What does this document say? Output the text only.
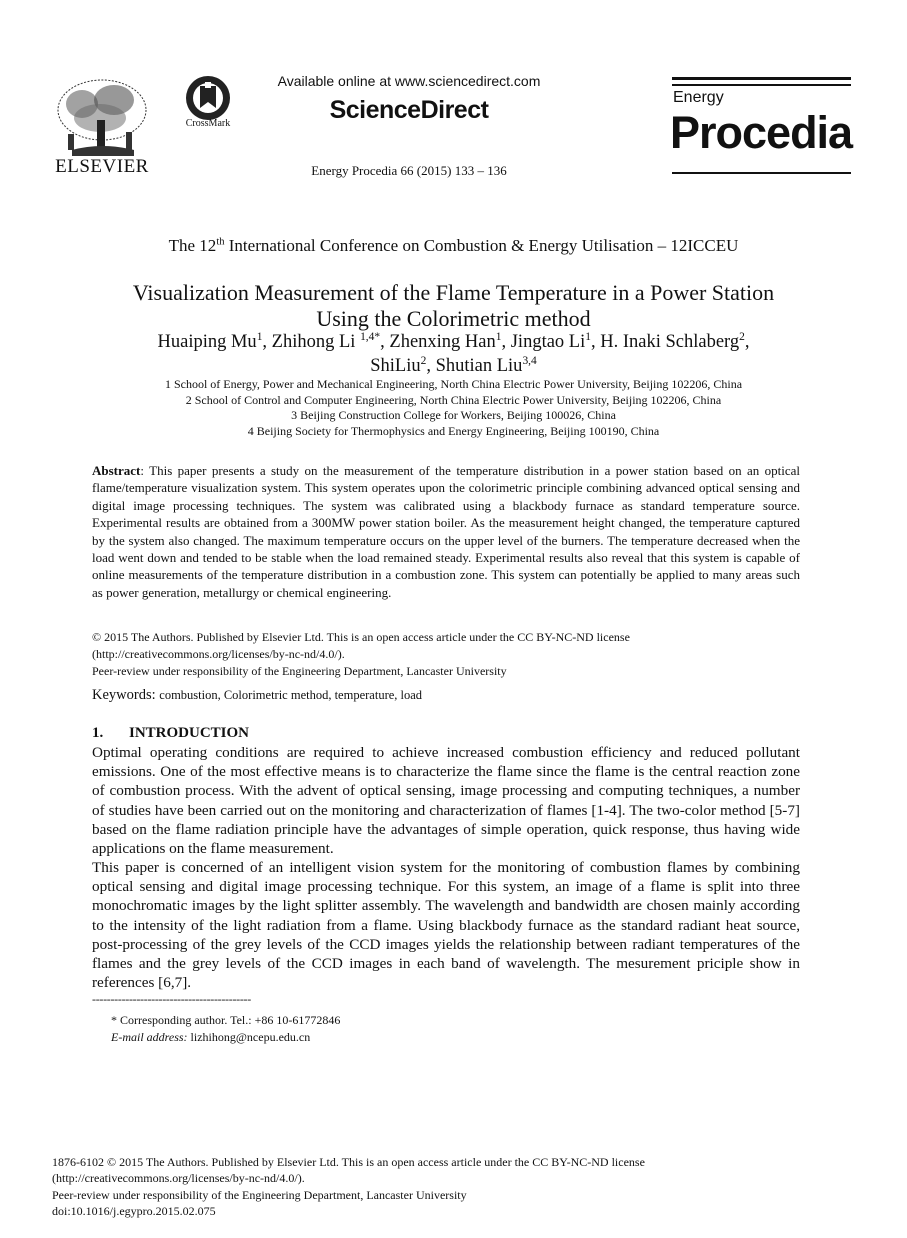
ELSEVIER
CrossMark
Available online at www.sciencedirect.com
ScienceDirect
Energy Procedia 66 (2015) 133 – 136
Energy
Procedia
The 12th International Conference on Combustion & Energy Utilisation – 12ICCEU
Visualization Measurement of the Flame Temperature in a Power Station
Using the Colorimetric method
Huaiping Mu$^1$, Zhihong Li $^{1,4*}$, Zhenxing Han$^1$, Jingtao Li$^1$, H. Inaki Schlaberg$^2$,
ShiLiu$^2$, Shutian Liu$^{3,4}$
1 School of Energy, Power and Mechanical Engineering, North China Electric Power University, Beijing 102206, China
2 School of Control and Computer Engineering, North China Electric Power University, Beijing 102206, China
3 Beijing Construction College for Workers, Beijing 100026, China
4 Beijing Society for Thermophysics and Energy Engineering, Beijing 100190, China
Abstract: This paper presents a study on the measurement of the temperature distribution in a power station based on an optical flame/temperature visualization system. This system operates upon the colorimetric principle combining advanced optical sensing and digital image processing techniques. The system was calibrated using a blackbody furnace as standard temperature source. Experimental results are obtained from a 300MW power station boiler. As the measurement height changed, the temperature captured by the system also changed. The maximum temperature occurs on the upper level of the burners. The temperature decreased when the load went down and tended to be stable when the load remained steady. Experimental results also reveal that this system is capable of online measurements of the temperature distribution in a combustion zone. This system can potentially be applied to many areas such as power generation, metallurgy or chemical engineering.
© 2015 The Authors. Published by Elsevier Ltd. This is an open access article under the CC BY-NC-ND license
(http://creativecommons.org/licenses/by-nc-nd/4.0/).
Peer-review under responsibility of the Engineering Department, Lancaster University
Keywords: combustion, Colorimetric method, temperature, load
1. INTRODUCTION
Optimal operating conditions are required to achieve increased combustion efficiency and reduced pollutant emissions. One of the most effective means is to characterize the flame since the flame is the central reaction zone of combustion process. With the advent of optical sensing, image processing and computing techniques, a number of studies have been carried out on the monitoring and characterization of flames [1-4]. The two-color method [5-7] based on the flame radiation principle have the advantages of simple operation, quick response, thus having wide applications on the flame measurement.
This paper is concerned of an intelligent vision system for the monitoring of combustion flames by combining optical sensing and digital image processing technique. For this system, an image of a flame is split into three monochromatic images by the light splitter assembly. The wavelength and bandwidth are chosen mainly according to the intensity of the light radiation from a flame. Using blackbody furnace as the standard radiant heat source, post-processing of the grey levels of the CCD images yields the relationship between radiant temperatures of the flames and the grey levels of the CCD images in each band of wavelength. The mesurement priciple show in references [6,7].
-------------------------------------------
* Corresponding author. Tel.: +86 10-61772846
E-mail address: lizhihong@ncepu.edu.cn
1876-6102 © 2015 The Authors. Published by Elsevier Ltd. This is an open access article under the CC BY-NC-ND license
(http://creativecommons.org/licenses/by-nc-nd/4.0/).
Peer-review under responsibility of the Engineering Department, Lancaster University
doi:10.1016/j.egypro.2015.02.075
